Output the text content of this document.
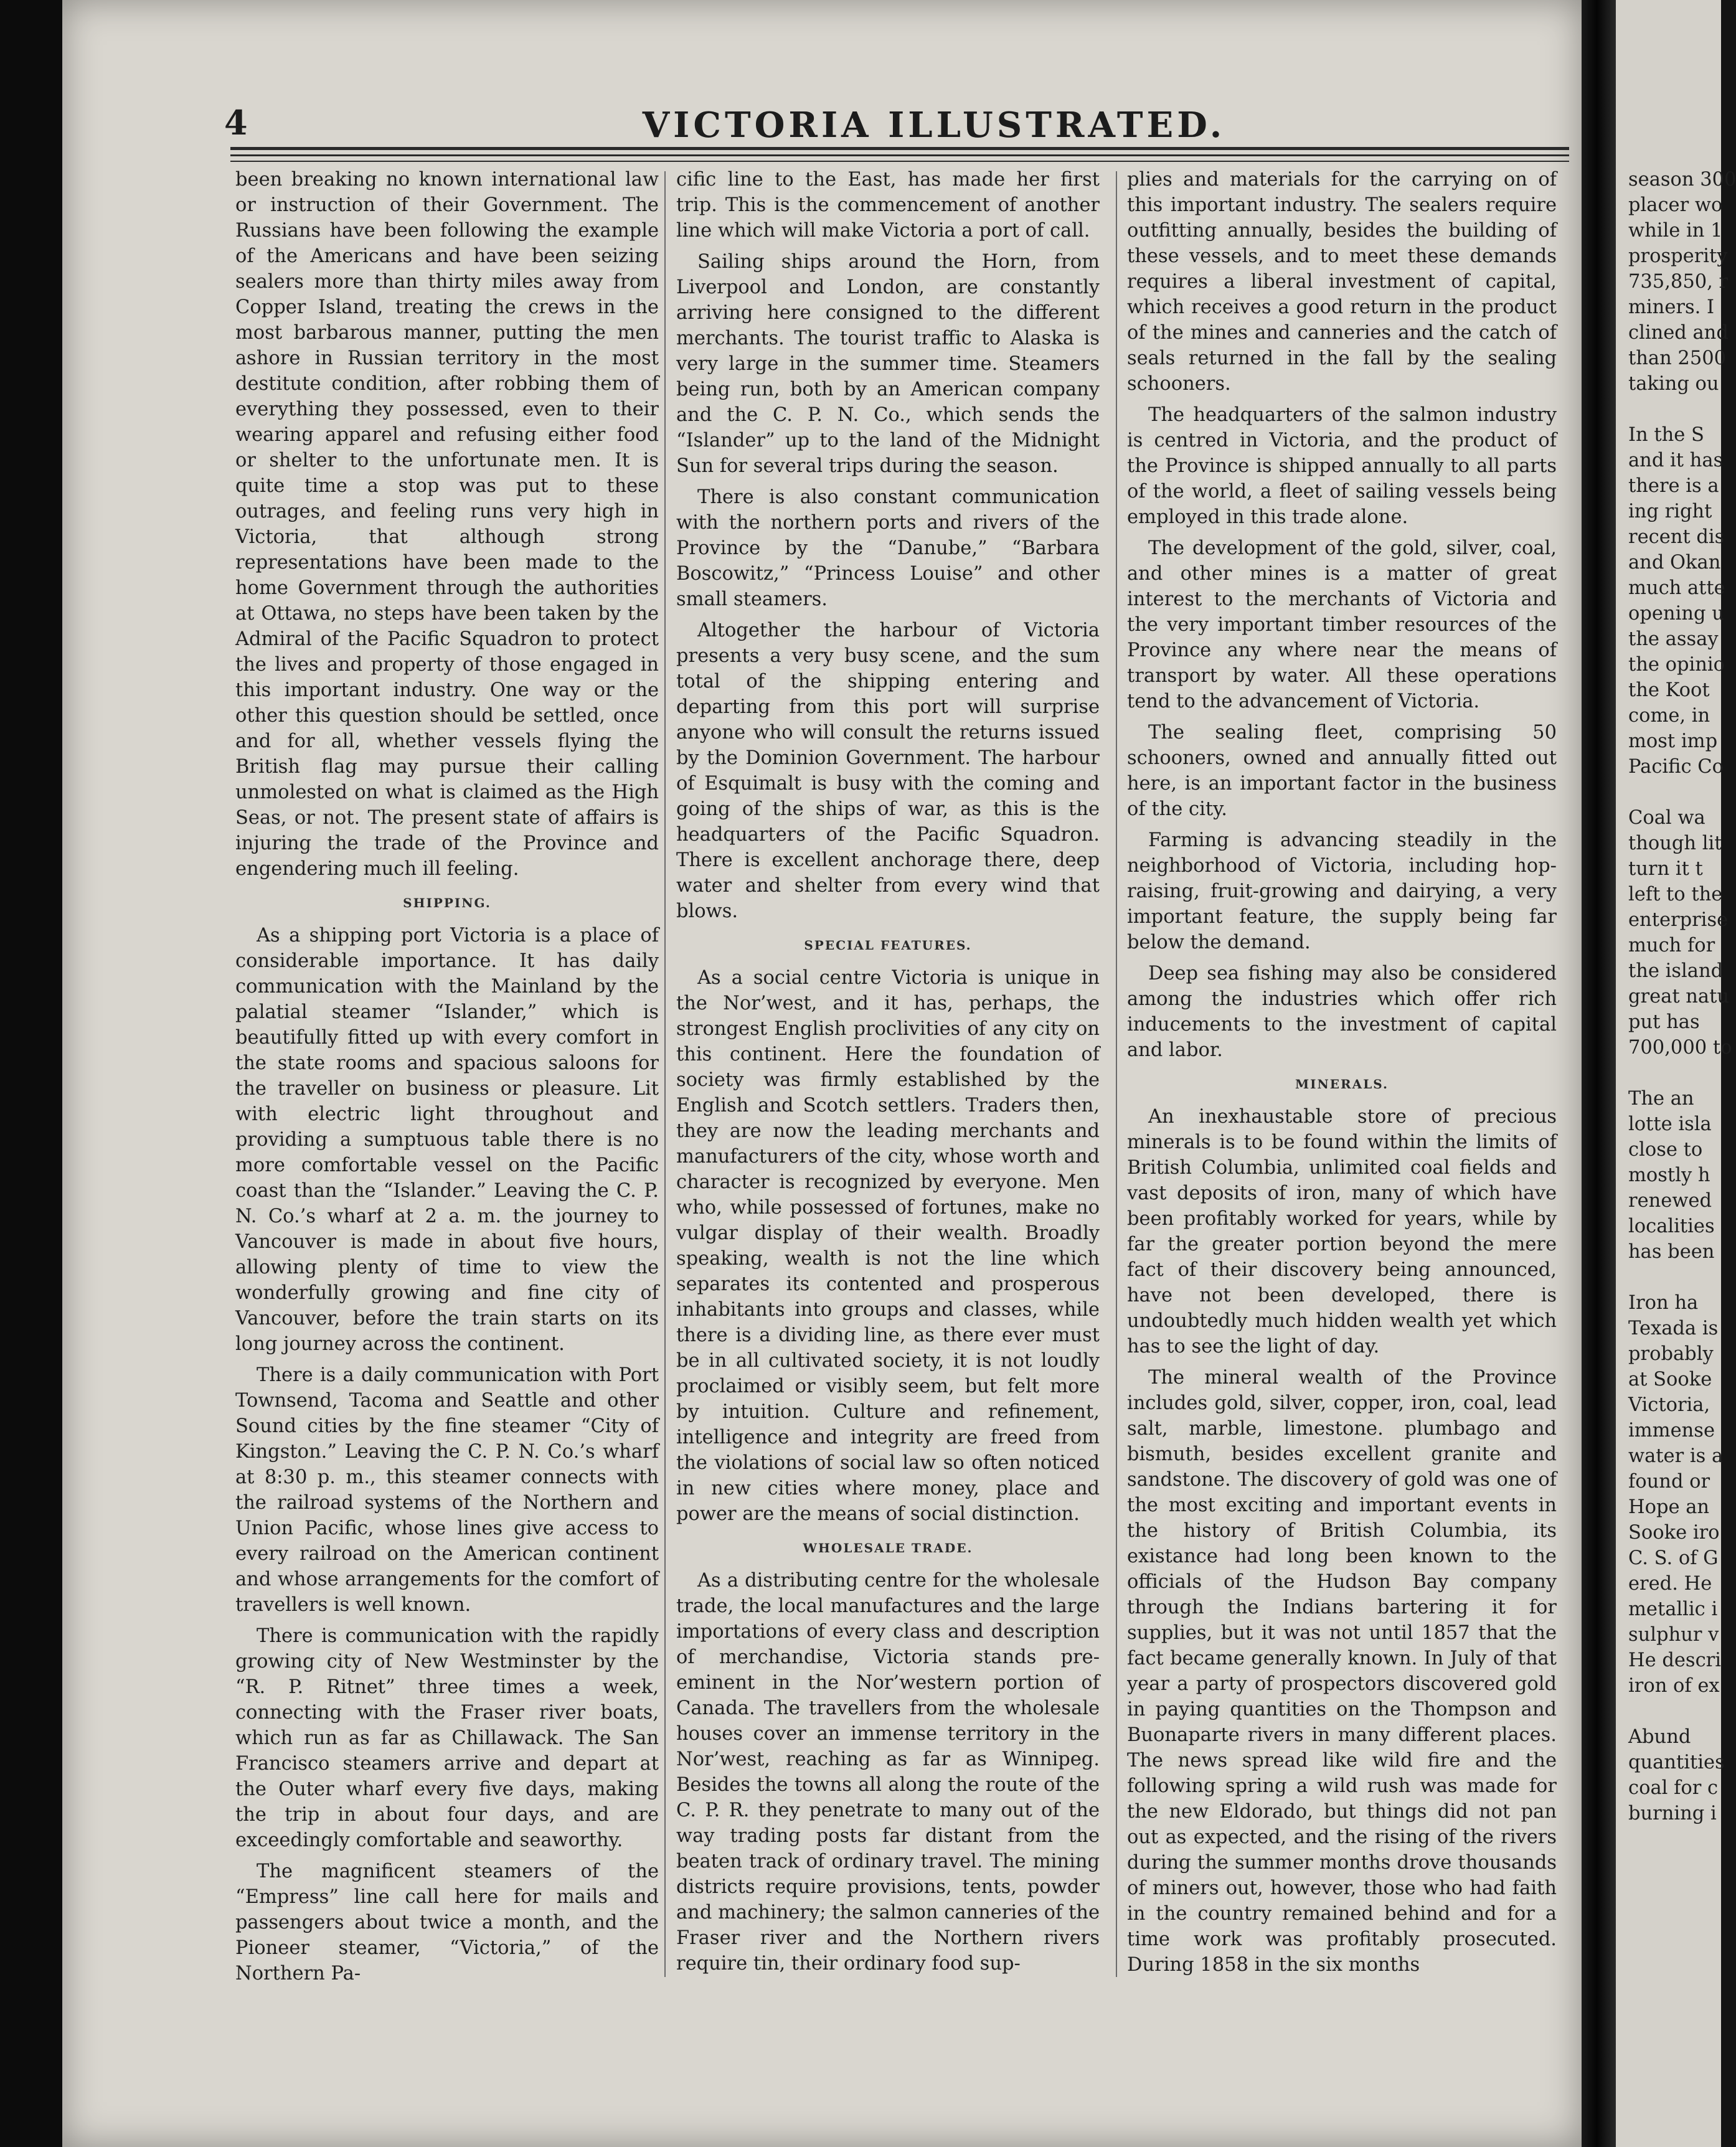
4	VICTORIA ILLUSTRATED.

been breaking no known international law or instruction of their Government. The Russians have been following the example of the Americans and have been seizing sealers more than thirty miles away from Copper Island, treating the crews in the most barbarous manner, putting the men ashore in Russian territory in the most destitute condition, after robbing them of everything they possessed, even to their wearing apparel and refusing either food or shelter to the unfortunate men. It is quite time a stop was put to these outrages, and feeling runs very high in Victoria, that although strong representations have been made to the home Government through the authorities at Ottawa, no steps have been taken by the Admiral of the Pacific Squadron to protect the lives and property of those engaged in this important industry. One way or the other this question should be settled, once and for all, whether vessels flying the British flag may pursue their calling unmolested on what is claimed as the High Seas, or not. The present state of affairs is injuring the trade of the Province and engendering much ill feeling.

SHIPPING.

As a shipping port Victoria is a place of considerable importance. It has daily communication with the Mainland by the palatial steamer “Islander,” which is beautifully fitted up with every comfort in the state rooms and spacious saloons for the traveller on business or pleasure. Lit with electric light throughout and providing a sumptuous table there is no more comfortable vessel on the Pacific coast than the “Islander.” Leaving the C. P. N. Co.’s wharf at 2 a. m. the journey to Vancouver is made in about five hours, allowing plenty of time to view the wonderfully growing and fine city of Vancouver, before the train starts on its long journey across the continent.

There is a daily communication with Port Townsend, Tacoma and Seattle and other Sound cities by the fine steamer “City of Kingston.” Leaving the C. P. N. Co.’s wharf at 8:30 p. m., this steamer connects with the railroad systems of the Northern and Union Pacific, whose lines give access to every railroad on the American continent and whose arrangements for the comfort of travellers is well known.

There is communication with the rapidly growing city of New Westminster by the “R. P. Ritnet” three times a week, connecting with the Fraser river boats, which run as far as Chillawack. The San Francisco steamers arrive and depart at the Outer wharf every five days, making the trip in about four days, and are exceedingly comfortable and seaworthy.

The magnificent steamers of the “Empress” line call here for mails and passengers about twice a month, and the Pioneer steamer, “Victoria,” of the Northern Pa-

cific line to the East, has made her first trip. This is the commencement of another line which will make Victoria a port of call.

Sailing ships around the Horn, from Liverpool and London, are constantly arriving here consigned to the different merchants. The tourist traffic to Alaska is very large in the summer time. Steamers being run, both by an American company and the C. P. N. Co., which sends the “Islander” up to the land of the Midnight Sun for several trips during the season.

There is also constant communication with the northern ports and rivers of the Province by the “Danube,” “Barbara Boscowitz,” “Princess Louise” and other small steamers.

Altogether the harbour of Victoria presents a very busy scene, and the sum total of the shipping entering and departing from this port will surprise anyone who will consult the returns issued by the Dominion Government. The harbour of Esquimalt is busy with the coming and going of the ships of war, as this is the headquarters of the Pacific Squadron. There is excellent anchorage there, deep water and shelter from every wind that blows.

SPECIAL FEATURES.

As a social centre Victoria is unique in the Nor’west, and it has, perhaps, the strongest English proclivities of any city on this continent. Here the foundation of society was firmly established by the English and Scotch settlers. Traders then, they are now the leading merchants and manufacturers of the city, whose worth and character is recognized by everyone. Men who, while possessed of fortunes, make no vulgar display of their wealth. Broadly speaking, wealth is not the line which separates its contented and prosperous inhabitants into groups and classes, while there is a dividing line, as there ever must be in all cultivated society, it is not loudly proclaimed or visibly seem, but felt more by intuition. Culture and refinement, intelligence and integrity are freed from the violations of social law so often noticed in new cities where money, place and power are the means of social distinction.

WHOLESALE TRADE.

As a distributing centre for the wholesale trade, the local manufactures and the large importations of every class and description of merchandise, Victoria stands pre-eminent in the Nor’western portion of Canada. The travellers from the wholesale houses cover an immense territory in the Nor’west, reaching as far as Winnipeg. Besides the towns all along the route of the C. P. R. they penetrate to many out of the way trading posts far distant from the beaten track of ordinary travel. The mining districts require provisions, tents, powder and machinery; the salmon canneries of the Fraser river and the Northern rivers require tin, their ordinary food sup-

plies and materials for the carrying on of this important industry. The sealers require outfitting annually, besides the building of these vessels, and to meet these demands requires a liberal investment of capital, which receives a good return in the product of the mines and canneries and the catch of seals returned in the fall by the sealing schooners.

The headquarters of the salmon industry is centred in Victoria, and the product of the Province is shipped annually to all parts of the world, a fleet of sailing vessels being employed in this trade alone.

The development of the gold, silver, coal, and other mines is a matter of great interest to the merchants of Victoria and the very important timber resources of the Province any where near the means of transport by water. All these operations tend to the advancement of Victoria.

The sealing fleet, comprising 50 schooners, owned and annually fitted out here, is an important factor in the business of the city.

Farming is advancing steadily in the neighborhood of Victoria, including hop-raising, fruit-growing and dairying, a very important feature, the supply being far below the demand.

Deep sea fishing may also be considered among the industries which offer rich inducements to the investment of capital and labor.

MINERALS.

An inexhaustable store of precious minerals is to be found within the limits of British Columbia, unlimited coal fields and vast deposits of iron, many of which have been profitably worked for years, while by far the greater portion beyond the mere fact of their discovery being announced, have not been developed, there is undoubtedly much hidden wealth yet which has to see the light of day.

The mineral wealth of the Province includes gold, silver, copper, iron, coal, lead salt, marble, limestone. plumbago and bismuth, besides excellent granite and sandstone. The discovery of gold was one of the most exciting and important events in the history of British Columbia, its existance had long been known to the officials of the Hudson Bay company through the Indians bartering it for supplies, but it was not until 1857 that the fact became generally known. In July of that year a party of prospectors discovered gold in paying quantities on the Thompson and Buonaparte rivers in many different places. The news spread like wild fire and the following spring a wild rush was made for the new Eldorado, but things did not pan out as expected, and the rising of the rivers during the summer months drove thousands of miners out, however, those who had faith in the country remained behind and for a time work was profitably prosecuted. During 1858 in the six months

season 300
placer wo
while in 1
prosperity
735,850, r
miners. I
clined and
than 2500
taking ou

In the S
and it has
there is a
ing right
recent dis
and Okan
much atte
opening u
the assay
the opinio
the Koot
come, in
most imp
Pacific Co

Coal wa
though lit
turn it t
left to the
enterprise
much for
the island
great natu
put has
700,000 to

The an
lotte isla
close to
mostly h
renewed
localities
has been

Iron ha
Texada is
probably
at Sooke
Victoria,
immense
water is a
found or
Hope an
Sooke iro
C. S. of G
ered. He
metallic i
sulphur v
He descri
iron of ex

Abund
quantities
coal for c
burning i
